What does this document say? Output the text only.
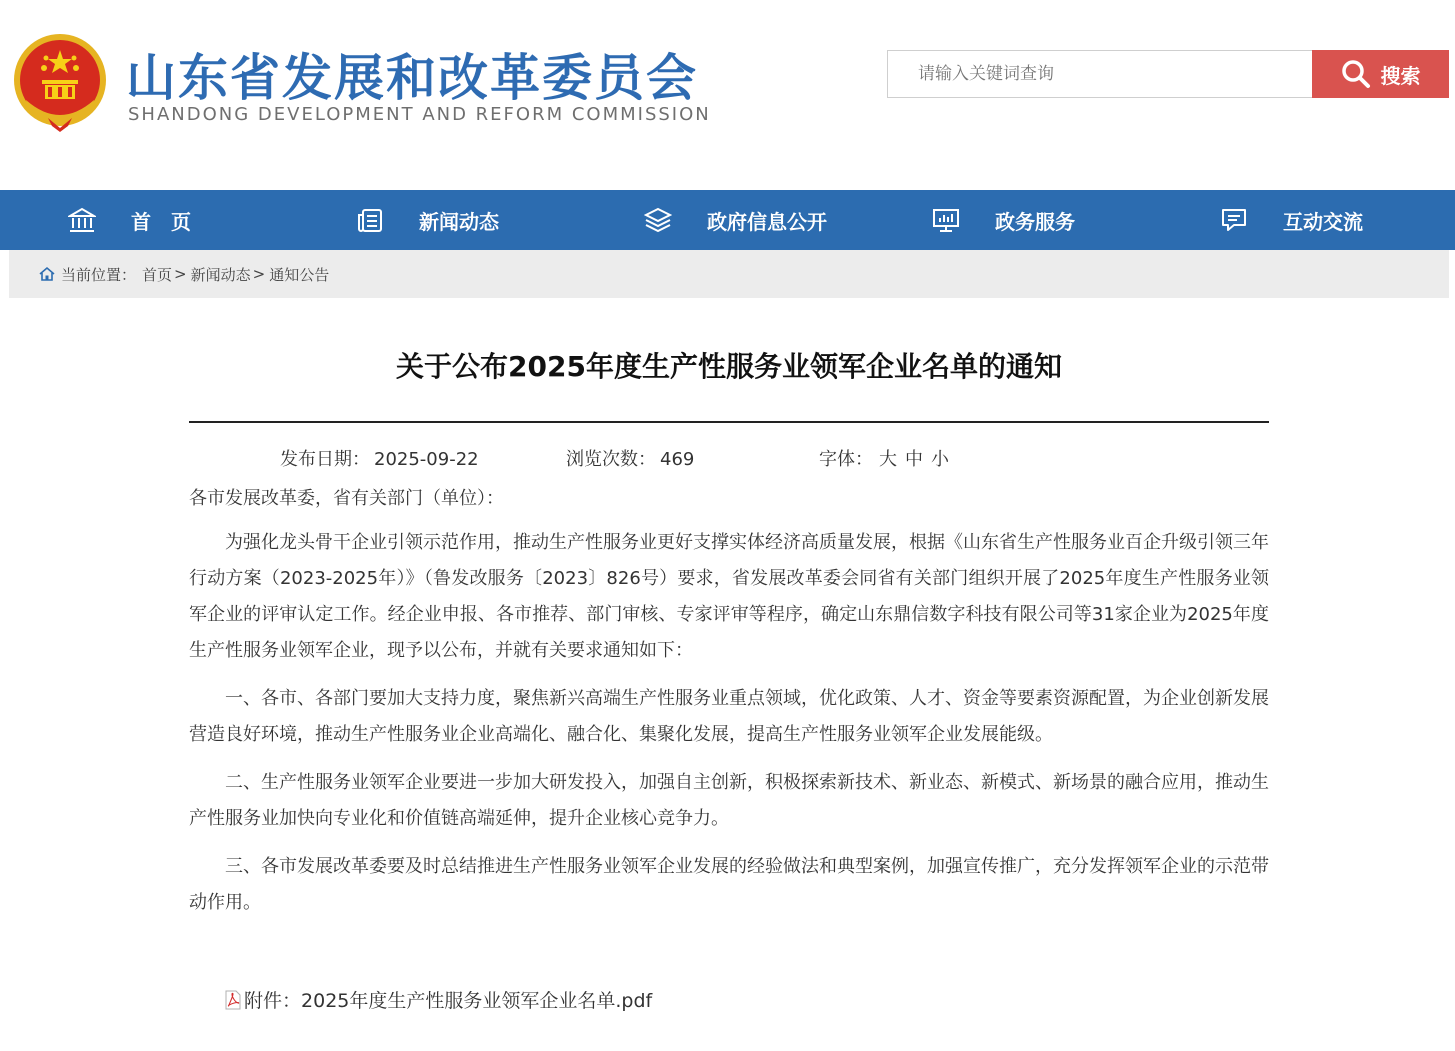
山东省发展和改革委员会
SHANDONG DEVELOPMENT AND REFORM COMMISSION
请输入关键词查询
搜索
首　页	新闻动态	政府信息公开	政务服务	互动交流
当前位置： 首页 > 新闻动态 > 通知公告
关于公布2025年度生产性服务业领军企业名单的通知
发布日期： 2025-09-22	浏览次数： 469	字体： 大 中 小
各市发展改革委，省有关部门（单位）：

为强化龙头骨干企业引领示范作用，推动生产性服务业更好支撑实体经济高质量发展，根据《山东省生产性服务业百企升级引领三年行动方案（2023-2025年）》（鲁发改服务〔2023〕826号）要求，省发展改革委会同省有关部门组织开展了2025年度生产性服务业领军企业的评审认定工作。经企业申报、各市推荐、部门审核、专家评审等程序，确定山东鼎信数字科技有限公司等31家企业为2025年度生产性服务业领军企业，现予以公布，并就有关要求通知如下：

一、各市、各部门要加大支持力度，聚焦新兴高端生产性服务业重点领域，优化政策、人才、资金等要素资源配置，为企业创新发展营造良好环境，推动生产性服务业企业高端化、融合化、集聚化发展，提高生产性服务业领军企业发展能级。

二、生产性服务业领军企业要进一步加大研发投入，加强自主创新，积极探索新技术、新业态、新模式、新场景的融合应用，推动生产性服务业加快向专业化和价值链高端延伸，提升企业核心竞争力。

三、各市发展改革委要及时总结推进生产性服务业领军企业发展的经验做法和典型案例，加强宣传推广，充分发挥领军企业的示范带动作用。

附件： 2025年度生产性服务业领军企业名单.pdf
